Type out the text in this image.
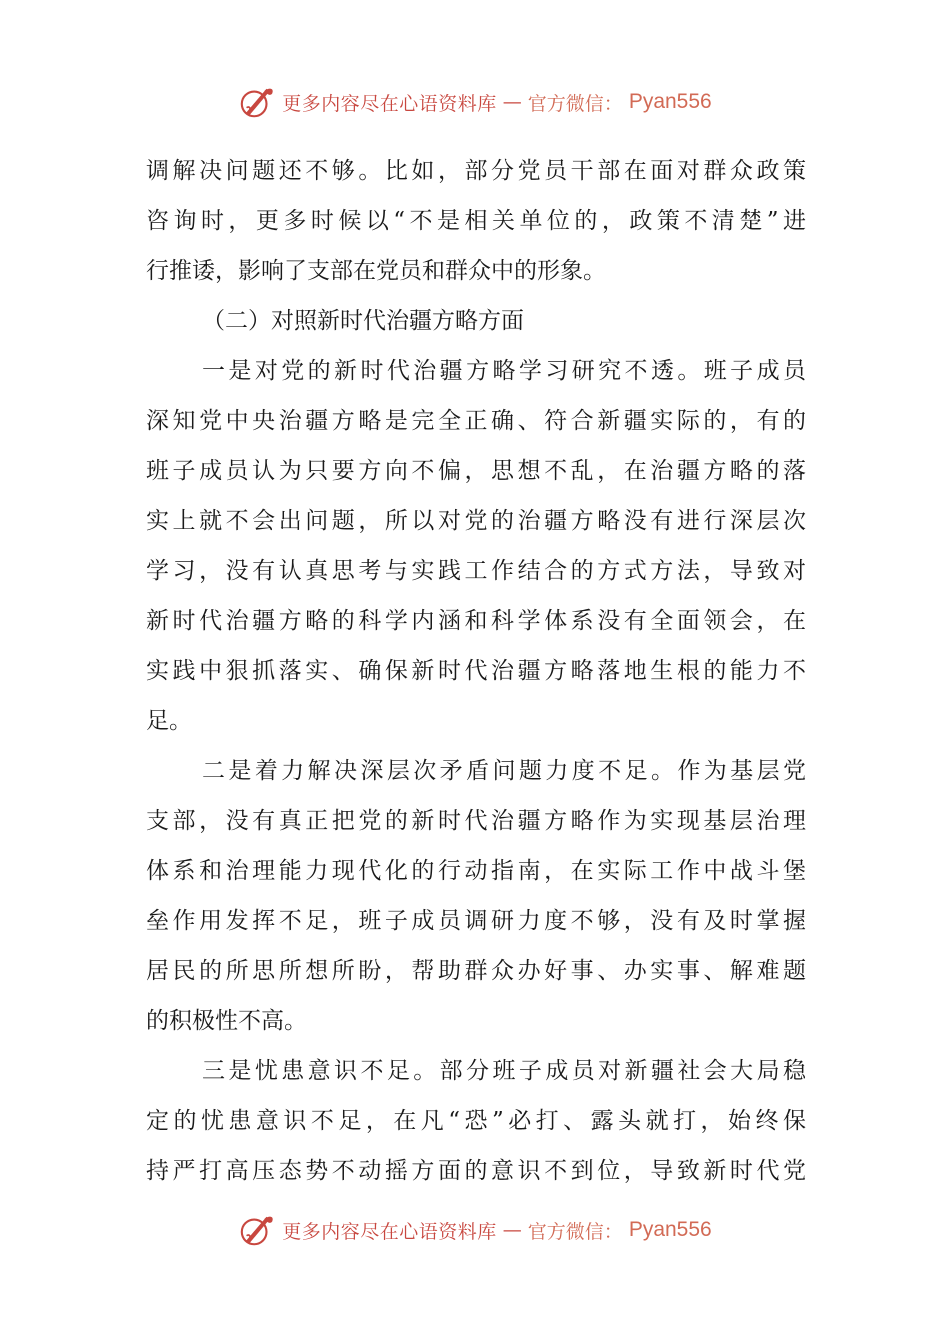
更多内容尽在心语资料库 — 官方微信： Pyan556
调解决问题还不够。比如，部分党员干部在面对群众政策
咨询时，更多时候以“不是相关单位的，政策不清楚”进
行推诿，影响了支部在党员和群众中的形象。
（二）对照新时代治疆方略方面
一是对党的新时代治疆方略学习研究不透。班子成员
深知党中央治疆方略是完全正确、符合新疆实际的，有的
班子成员认为只要方向不偏，思想不乱，在治疆方略的落
实上就不会出问题，所以对党的治疆方略没有进行深层次
学习，没有认真思考与实践工作结合的方式方法，导致对
新时代治疆方略的科学内涵和科学体系没有全面领会，在
实践中狠抓落实、确保新时代治疆方略落地生根的能力不
足。
二是着力解决深层次矛盾问题力度不足。作为基层党
支部，没有真正把党的新时代治疆方略作为实现基层治理
体系和治理能力现代化的行动指南，在实际工作中战斗堡
垒作用发挥不足，班子成员调研力度不够，没有及时掌握
居民的所思所想所盼，帮助群众办好事、办实事、解难题
的积极性不高。
三是忧患意识不足。部分班子成员对新疆社会大局稳
定的忧患意识不足，在凡“恐”必打、露头就打，始终保
持严打高压态势不动摇方面的意识不到位，导致新时代党
更多内容尽在心语资料库 — 官方微信： Pyan556
